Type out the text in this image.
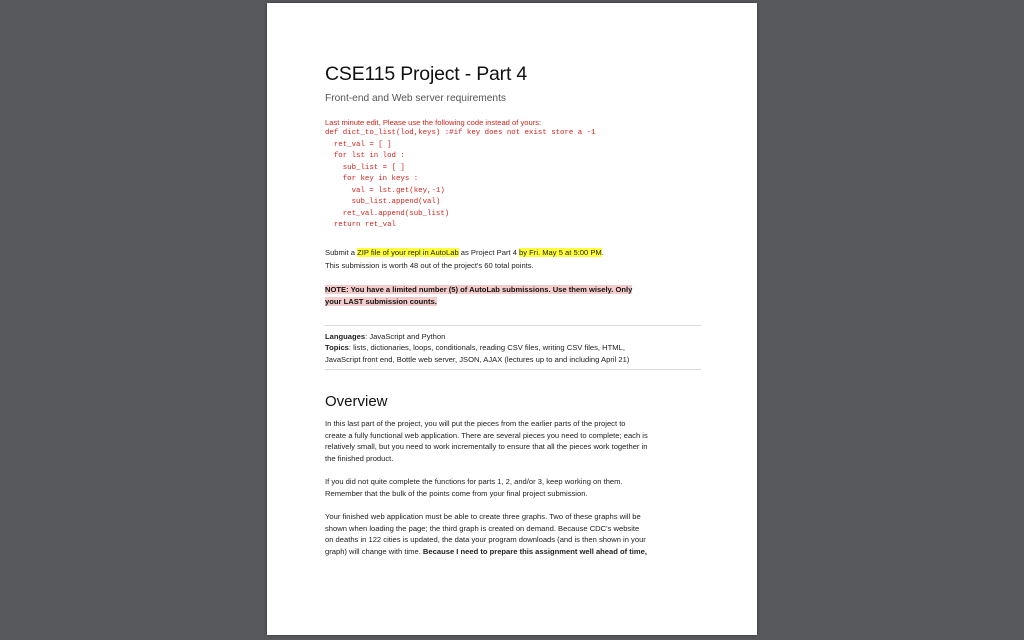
CSE115 Project - Part 4
Front-end and Web server requirements
Last minute edit, Please use the following code instead of yours:
def dict_to_list(lod,keys) :#if key does not exist store a -1
ret_val = [ ]
for lst in lod :
sub_list = [ ]
for key in keys :
val = lst.get(key,-1)
sub_list.append(val)
ret_val.append(sub_list)
return ret_val
Submit a ZIP file of your repl in AutoLab as Project Part 4 by Fri. May 5 at 5:00 PM.
This submission is worth 48 out of the project's 60 total points.
NOTE: You have a limited number (5) of AutoLab submissions. Use them wisely. Only
your LAST submission counts.
Languages: JavaScript and Python
Topics: lists, dictionaries, loops, conditionals, reading CSV files, writing CSV files, HTML,
JavaScript front end, Bottle web server, JSON, AJAX (lectures up to and including April 21)
Overview
In this last part of the project, you will put the pieces from the earlier parts of the project to
create a fully functional web application. There are several pieces you need to complete; each is
relatively small, but you need to work incrementally to ensure that all the pieces work together in
the finished product.
If you did not quite complete the functions for parts 1, 2, and/or 3, keep working on them.
Remember that the bulk of the points come from your final project submission.
Your finished web application must be able to create three graphs. Two of these graphs will be
shown when loading the page; the third graph is created on demand. Because CDC's website
on deaths in 122 cities is updated, the data your program downloads (and is then shown in your
graph) will change with time. Because I need to prepare this assignment well ahead of time,
